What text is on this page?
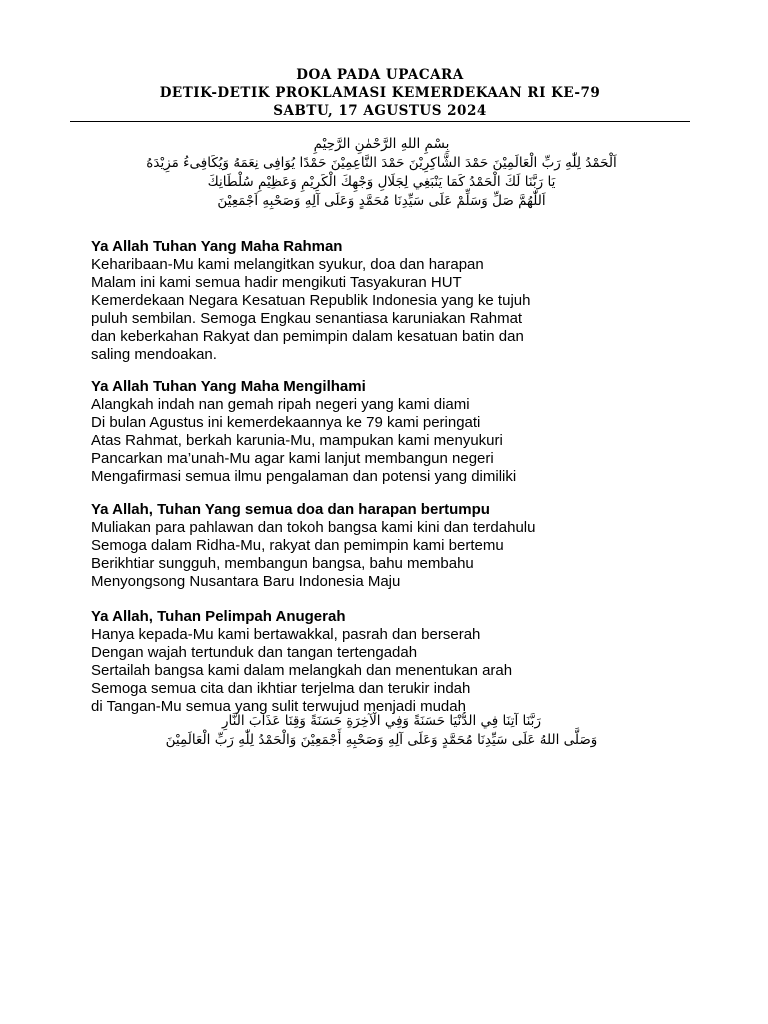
DOA PADA UPACARA
DETIK-DETIK PROKLAMASI KEMERDEKAAN RI KE-79
SABTU, 17 AGUSTUS 2024
بِسْمِ اللهِ الرَّحْمٰنِ الرَّحِيْمِ
اَلْحَمْدُ لِلّٰهِ رَبِّ الْعَالَمِيْنَ حَمْدَ الشَّاكِرِيْنَ حَمْدَ النَّاعِمِيْنَ حَمْدًا يُوَافِى نِعَمَهُ وَيُكَافِىءُ مَزِيْدَهُ
يَا رَبَّنَا لَكَ الْحَمْدُ كَمَا يَنْبَغِي لِجَلَالِ وَجْهِكَ الْكَرِيْمِ وَعَظِيْمِ سُلْطَانِكَ
اَللّٰهُمَّ صَلِّ وَسَلِّمْ عَلَى سَيِّدِنَا مُحَمَّدٍ وَعَلَى آلِهِ وَصَحْبِهِ اَجْمَعِيْنَ
Ya Allah Tuhan Yang Maha Rahman

Keharibaan-Mu kami melangitkan syukur, doa dan harapan

Malam ini kami semua hadir mengikuti Tasyakuran HUT

Kemerdekaan Negara Kesatuan Republik Indonesia yang ke tujuh

puluh sembilan. Semoga Engkau senantiasa karuniakan Rahmat

dan keberkahan Rakyat dan pemimpin dalam kesatuan batin dan

saling mendoakan.

Ya Allah Tuhan Yang Maha Mengilhami

Alangkah indah nan gemah ripah negeri yang kami diami

Di bulan Agustus ini kemerdekaannya ke 79 kami peringati

Atas Rahmat, berkah karunia-Mu, mampukan kami menyukuri

Pancarkan ma’unah-Mu agar kami lanjut membangun negeri

Mengafirmasi semua ilmu pengalaman dan potensi yang dimiliki

Ya Allah, Tuhan Yang semua doa dan harapan bertumpu

Muliakan para pahlawan dan tokoh bangsa kami kini dan terdahulu

Semoga dalam Ridha-Mu, rakyat dan pemimpin kami bertemu

Berikhtiar sungguh, membangun bangsa, bahu membahu

Menyongsong Nusantara Baru Indonesia Maju

Ya Allah, Tuhan Pelimpah Anugerah

Hanya kepada-Mu kami bertawakkal, pasrah dan berserah

Dengan wajah tertunduk dan tangan tertengadah

Sertailah bangsa kami dalam melangkah dan menentukan arah

Semoga semua cita dan ikhtiar terjelma dan terukir indah

di Tangan-Mu semua yang sulit terwujud menjadi mudah

رَبَّنَا آتِنَا فِي الدُّنْيَا حَسَنَةً وَفِي الْآخِرَةِ حَسَنَةً وَقِنَا عَذَابَ النَّارِ
وَصَلَّى اللهُ عَلَى سَيِّدِنَا مُحَمَّدٍ وَعَلَى آلِهِ وَصَحْبِهِ أَجْمَعِيْنَ وَالْحَمْدُ لِلّٰهِ رَبِّ الْعَالَمِيْنَ
